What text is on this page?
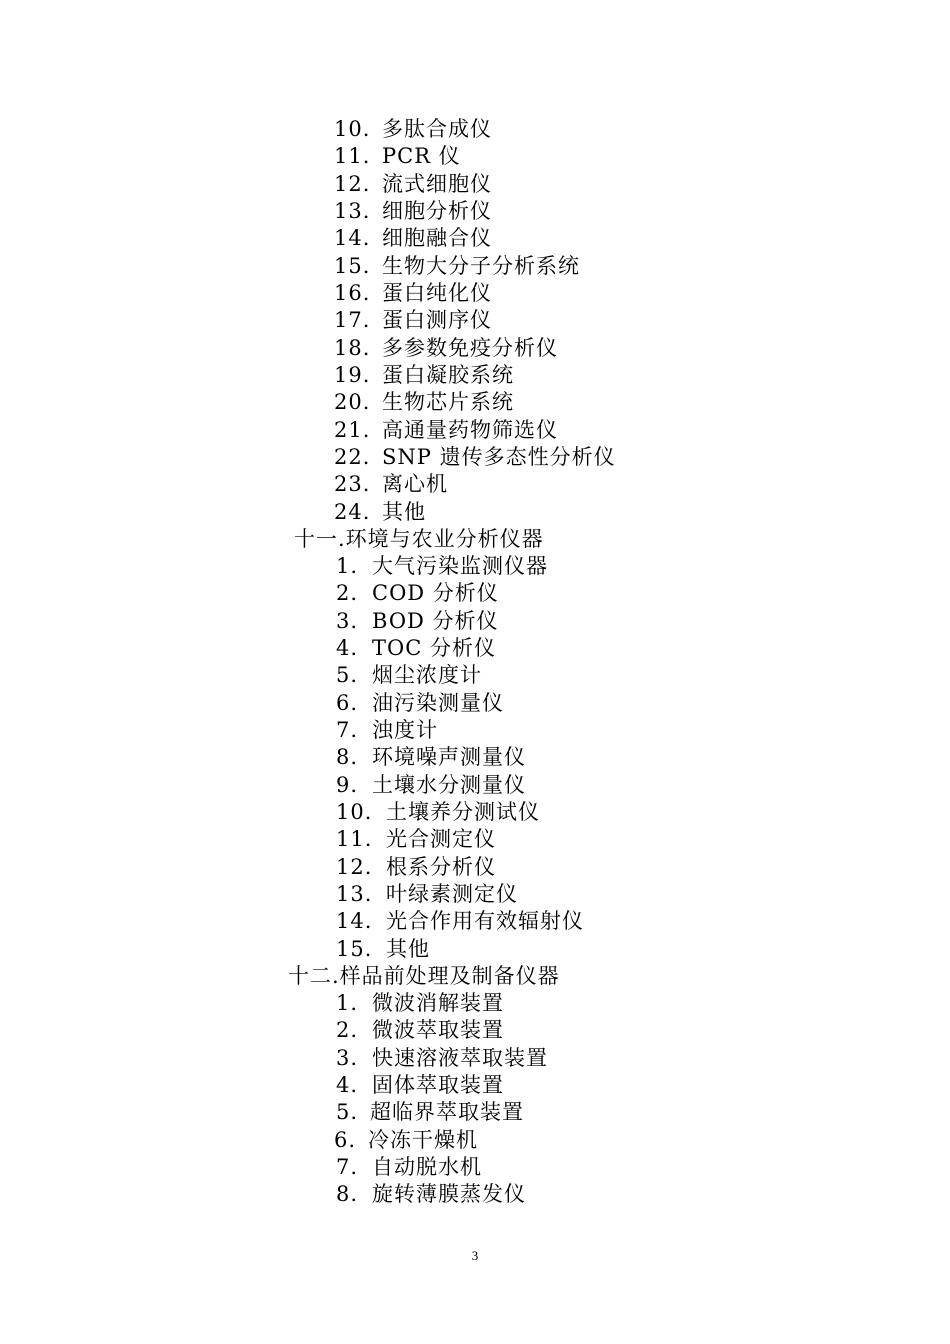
10. 多肽合成仪
11. PCR 仪
12. 流式细胞仪
13. 细胞分析仪
14. 细胞融合仪
15. 生物大分子分析系统
16. 蛋白纯化仪
17. 蛋白测序仪
18. 多参数免疫分析仪
19. 蛋白凝胶系统
20. 生物芯片系统
21. 高通量药物筛选仪
22. SNP 遗传多态性分析仪
23. 离心机
24. 其他
十一.环境与农业分析仪器
1. 大气污染监测仪器
2. COD 分析仪
3. BOD 分析仪
4. TOC 分析仪
5. 烟尘浓度计
6. 油污染测量仪
7. 浊度计
8. 环境噪声测量仪
9. 土壤水分测量仪
10. 土壤养分测试仪
11. 光合测定仪
12. 根系分析仪
13. 叶绿素测定仪
14. 光合作用有效辐射仪
15. 其他
十二.样品前处理及制备仪器
1. 微波消解装置
2. 微波萃取装置
3. 快速溶液萃取装置
4. 固体萃取装置
5. 超临界萃取装置
6. 冷冻干燥机
7. 自动脱水机
8. 旋转薄膜蒸发仪
3
